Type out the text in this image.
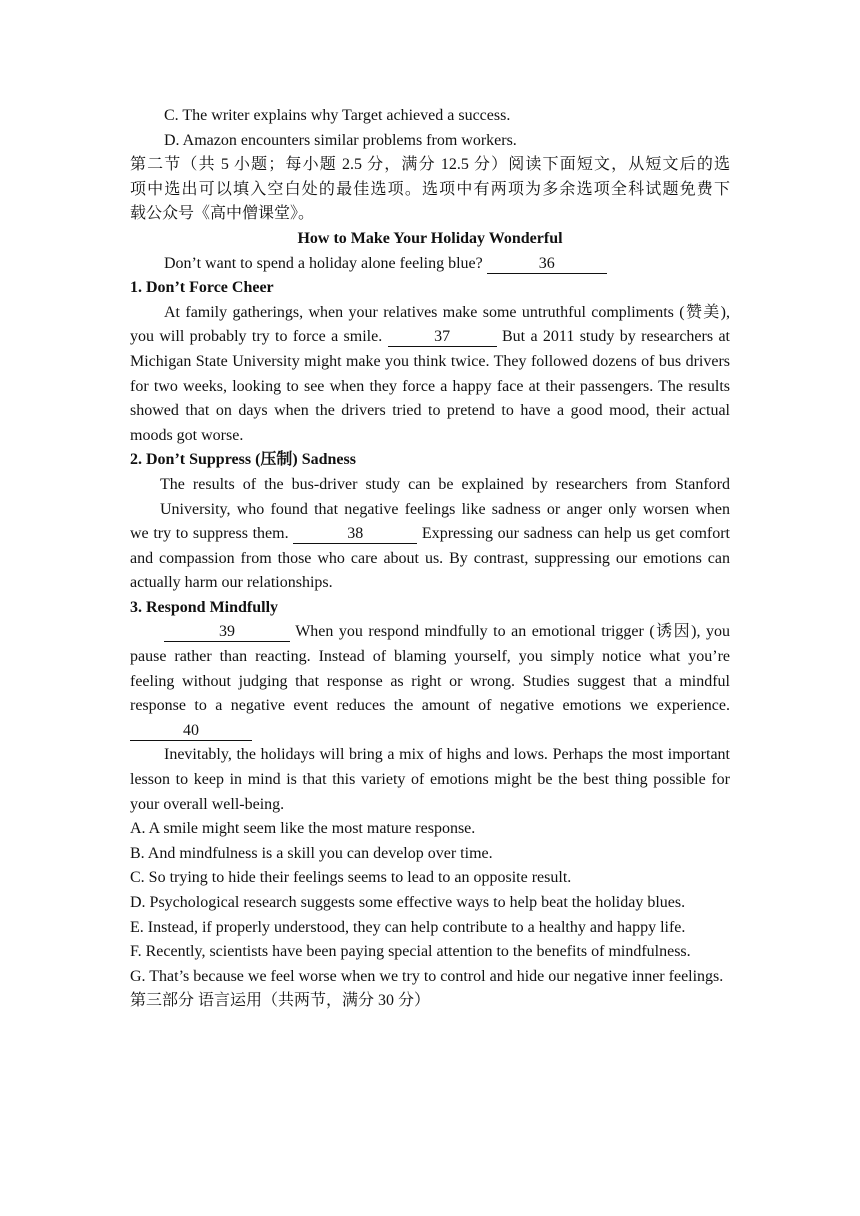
C. The writer explains why Target achieved a success.

D. Amazon encounters similar problems from workers.

第二节（共 5 小题；每小题 2.5 分，满分 12.5 分）阅读下面短文，从短文后的选

项中选出可以填入空白处的最佳选项。选项中有两项为多余选项全科试题免费下

载公众号《高中僧课堂》。

How to Make Your Holiday Wonderful

Don’t want to spend a holiday alone feeling blue?	36

1. Don’t Force Cheer

At family gatherings, when your relatives make some untruthful compliments (赞美), you will probably try to force a smile.	37	But a 2011 study by researchers at Michigan State University might make you think twice. They followed dozens of bus drivers for two weeks, looking to see when they force a happy face at their passengers. The results showed that on days when the drivers tried to pretend to have a good mood, their actual moods got worse.

2. Don’t Suppress (压制) Sadness

The results of the bus-driver study can be explained by researchers from Stanford

University, who found that negative feelings like sadness or anger only worsen when

we try to suppress them.	38	Expressing our sadness can help us get comfort and compassion from those who care about us. By contrast, suppressing our emotions can actually harm our relationships.

3. Respond Mindfully

39	When you respond mindfully to an emotional trigger (诱因), you pause rather than reacting. Instead of blaming yourself, you simply notice what you’re feeling without judging that response as right or wrong. Studies suggest that a mindful response to a negative event reduces the amount of negative emotions we experience. 40

Inevitably, the holidays will bring a mix of highs and lows. Perhaps the most important lesson to keep in mind is that this variety of emotions might be the best thing possible for your overall well-being.

A. A smile might seem like the most mature response.

B. And mindfulness is a skill you can develop over time.

C. So trying to hide their feelings seems to lead to an opposite result.

D. Psychological research suggests some effective ways to help beat the holiday blues.

E. Instead, if properly understood, they can help contribute to a healthy and happy life.

F. Recently, scientists have been paying special attention to the benefits of mindfulness.

G. That’s because we feel worse when we try to control and hide our negative inner feelings.

第三部分 语言运用（共两节，满分 30 分）
